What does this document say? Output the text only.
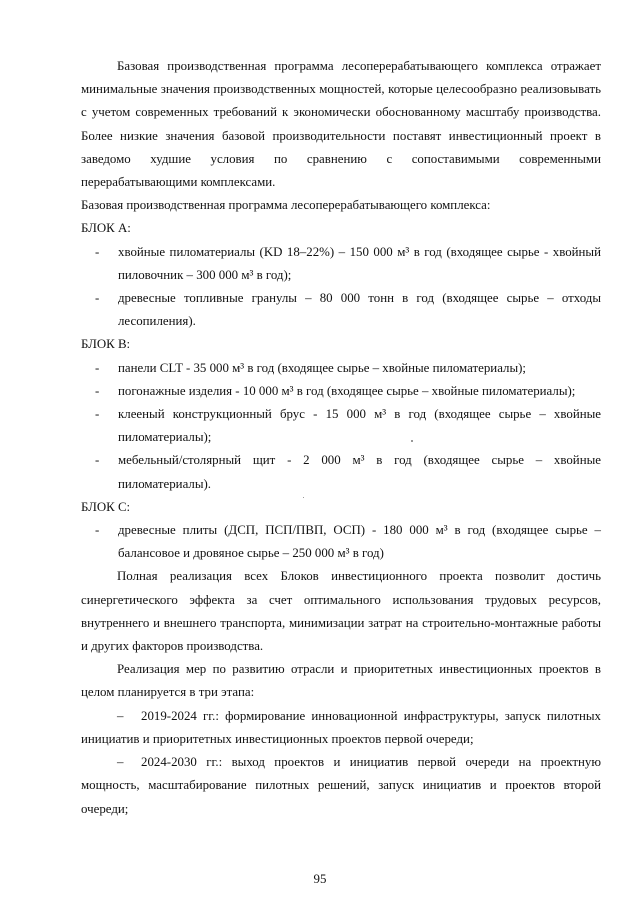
Базовая производственная программа лесоперерабатывающего комплекса отражает минимальные значения производственных мощностей, которые целесообразно реализовывать с учетом современных требований к экономически обоснованному масштабу производства. Более низкие значения базовой производительности поставят инвестиционный проект в заведомо худшие условия по сравнению с сопоставимыми современными перерабатывающими комплексами.

Базовая производственная программа лесоперерабатывающего комплекса:

БЛОК А:

- хвойные пиломатериалы (KD 18–22%) – 150 000 м³ в год (входящее сырье - хвойный пиловочник – 300 000 м³ в год);

- древесные топливные гранулы – 80 000 тонн в год (входящее сырье – отходы лесопиления).

БЛОК В:

- панели CLT - 35 000 м³ в год (входящее сырье – хвойные пиломатериалы);

- погонажные изделия - 10 000 м³ в год (входящее сырье – хвойные пиломатериалы);

- клееный конструкционный брус - 15 000 м³ в год (входящее сырье – хвойные пиломатериалы);

- мебельный/столярный щит - 2 000 м³ в год (входящее сырье – хвойные пиломатериалы).

БЛОК С:

- древесные плиты (ДСП, ПСП/ПВП, ОСП) - 180 000 м³ в год (входящее сырье – балансовое и дровяное сырье – 250 000 м³ в год)

Полная реализация всех Блоков инвестиционного проекта позволит достичь синергетического эффекта за счет оптимального использования трудовых ресурсов, внутреннего и внешнего транспорта, минимизации затрат на строительно-монтажные работы и других факторов производства.

Реализация мер по развитию отрасли и приоритетных инвестиционных проектов в целом планируется в три этапа:

– 2019-2024 гг.: формирование инновационной инфраструктуры, запуск пилотных инициатив и приоритетных инвестиционных проектов первой очереди;

– 2024-2030 гг.: выход проектов и инициатив первой очереди на проектную мощность, масштабирование пилотных решений, запуск инициатив и проектов второй очереди;

95
